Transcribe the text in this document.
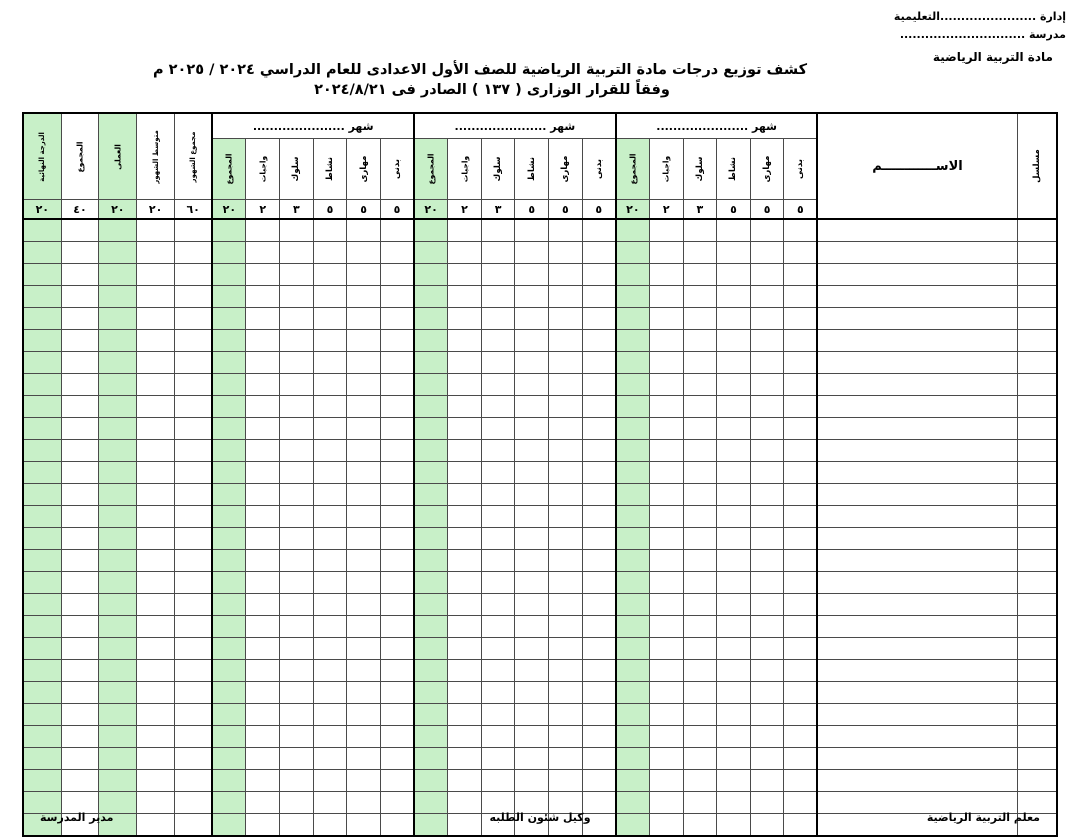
إدارة .......................التعليمية
مدرسة ..............................
مادة التربية الرياضية
كشف توزيع درجات مادة التربية الرياضية للصف الأول الاعدادى للعام الدراسي ٢٠٢٤ / ٢٠٢٥ م
وفقاً للقرار الوزارى ( ١٣٧ ) الصادر فى ٢٠٢٤/٨/٢١
مسلسل	الاســــــــــــم	شهر ......................						شهر ......................						شهر ......................						مجموع الشهور	متوسط الشهور	العملى	المجموع	الدرجة النهائية

		بدنى	مهارى	نشاط	سلوك	واجبات	المجموع	بدنى	مهارى	نشاط	سلوك	واجبات	المجموع	بدنى	مهارى	نشاط	سلوك	واجبات	المجموع					

		٥	٥	٥	٣	٢	٢٠	٥	٥	٥	٣	٢	٢٠	٥	٥	٥	٣	٢	٢٠	٦٠	٢٠	٢٠	٤٠	٢٠

معلم التربية الرياضية
وكيل شئون الطلبه
مدير المدرسة
